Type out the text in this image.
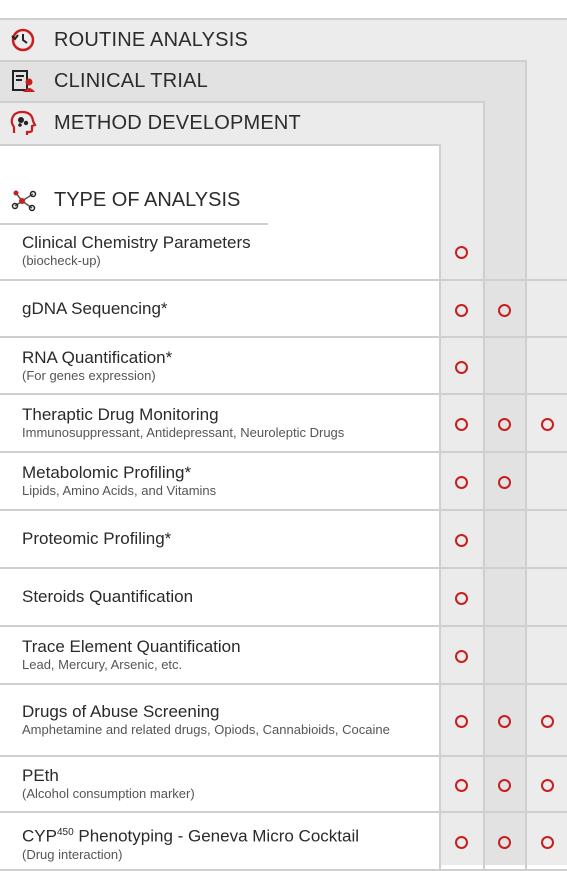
ROUTINE ANALYSIS
CLINICAL TRIAL
METHOD DEVELOPMENT
TYPE OF ANALYSIS
Clinical Chemistry Parameters
(biocheck-up)
gDNA Sequencing*
RNA Quantification*
(For genes expression)
Theraptic Drug Monitoring
Immunosuppressant, Antidepressant, Neuroleptic Drugs
Metabolomic Profiling*
Lipids, Amino Acids, and Vitamins
Proteomic Profiling*
Steroids Quantification
Trace Element Quantification
Lead, Mercury, Arsenic, etc.
Drugs of Abuse Screening
Amphetamine and related drugs, Opiods, Cannabioids, Cocaine
PEth
(Alcohol consumption marker)
CYP$^{450}$ Phenotyping - Geneva Micro Cocktail
(Drug interaction)
